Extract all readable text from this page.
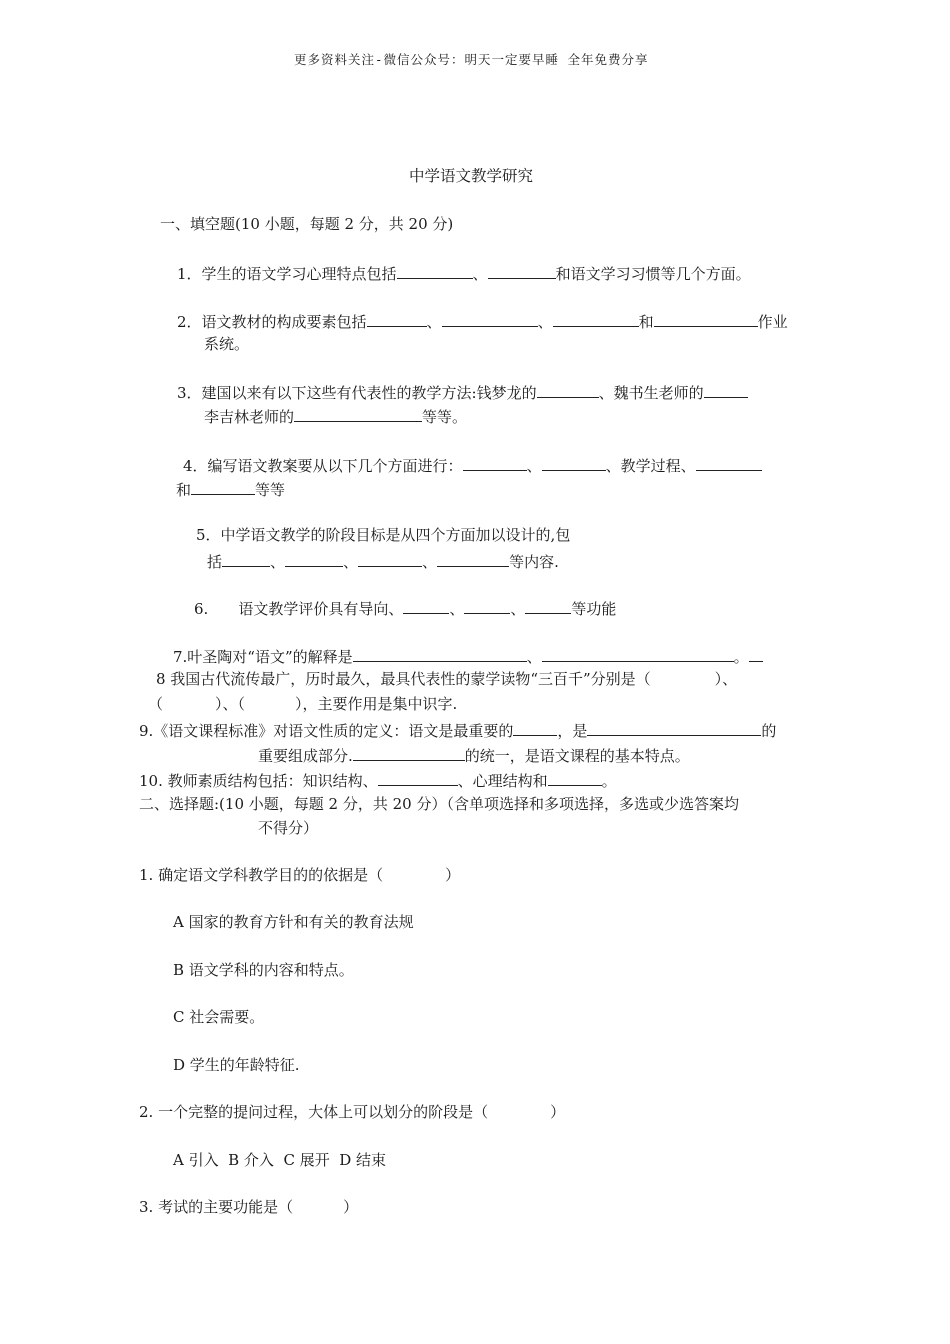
更多资料关注-微信公众号：明天一定要早睡 全年免费分享
中学语文教学研究
一、填空题(10 小题，每题 2 分，共 20 分)
1．学生的语文学习心理特点包括	、	和语文学习习惯等几个方面。
2．语文教材的构成要素包括	、	、	和	作业
系统。
3．建国以来有以下这些有代表性的教学方法:钱梦龙的	、魏书生老师的
李吉林老师的	等等。
4．编写语文教案要从以下几个方面进行：	、	、教学过程、
和	等等
5．中学语文教学的阶段目标是从四个方面加以设计的,包
括	、	、	、	等内容.
6. 语文教学评价具有导向、	、	、	等功能
7.叶圣陶对“语文”的解释是	、	。
8 我国古代流传最广，历时最久，最具代表性的蒙学读物“三百千”分别是（	）、
（	）、（	），主要作用是集中识字.
9.《语文课程标准》对语文性质的定义：语文是最重要的	，是	的
重要组成部分.	的统一，是语文课程的基本特点。
10. 教师素质结构包括：知识结构、	、心理结构和	。
二、选择题:(10 小题，每题 2 分，共 20 分）（含单项选择和多项选择，多选或少选答案均
不得分）
1. 确定语文学科教学目的的依据是（	）
A 国家的教育方针和有关的教育法规
B 语文学科的内容和特点。
C 社会需要。
D 学生的年龄特征.
2. 一个完整的提问过程，大体上可以划分的阶段是（	）
A 引入  B 介入  C 展开  D 结束
3. 考试的主要功能是（	）
